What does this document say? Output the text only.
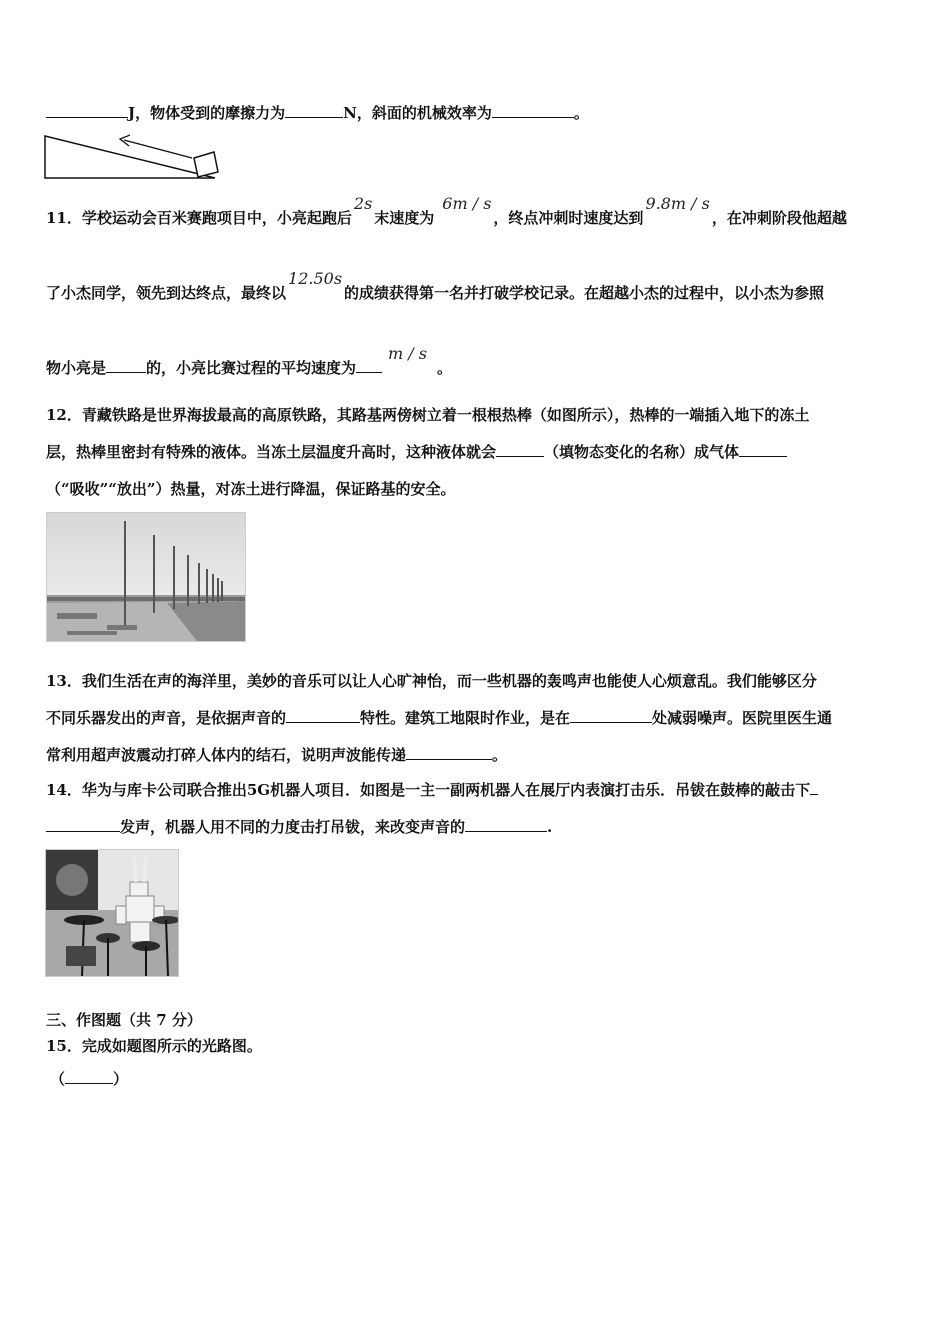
J，物体受到的摩擦力为	N，斜面的机械效率为	。
11．学校运动会百米赛跑项目中，小亮起跑后2s末速度为6m / s，终点冲刺时速度达到9.8m / s，在冲刺阶段他超越
了小杰同学，领先到达终点，最终以12.50s的成绩获得第一名并打破学校记录。在超越小杰的过程中，以小杰为参照
物小亮是	的，小亮比赛过程的平均速度为m / s。
12．青藏铁路是世界海拔最高的高原铁路，其路基两傍树立着一根根热棒（如图所示），热棒的一端插入地下的冻土
层，热棒里密封有特殊的液体。当冻土层温度升高时，这种液体就会	（填物态变化的名称）成气体
（“吸收”“放出”）热量，对冻土进行降温，保证路基的安全。
13．我们生活在声的海洋里，美妙的音乐可以让人心旷神怡，而一些机器的轰鸣声也能使人心烦意乱。我们能够区分
不同乐器发出的声音，是依据声音的	特性。建筑工地限时作业，是在	处减弱噪声。医院里医生通
常利用超声波震动打碎人体内的结石，说明声波能传递	。
14．华为与库卡公司联合推出5G机器人项目．如图是一主一副两机器人在展厅内表演打击乐．吊钹在鼓棒的敲击下
发声，机器人用不同的力度击打吊钹，来改变声音的	.
三、作图题（共 7 分）
15．完成如题图所示的光路图。
（	）
